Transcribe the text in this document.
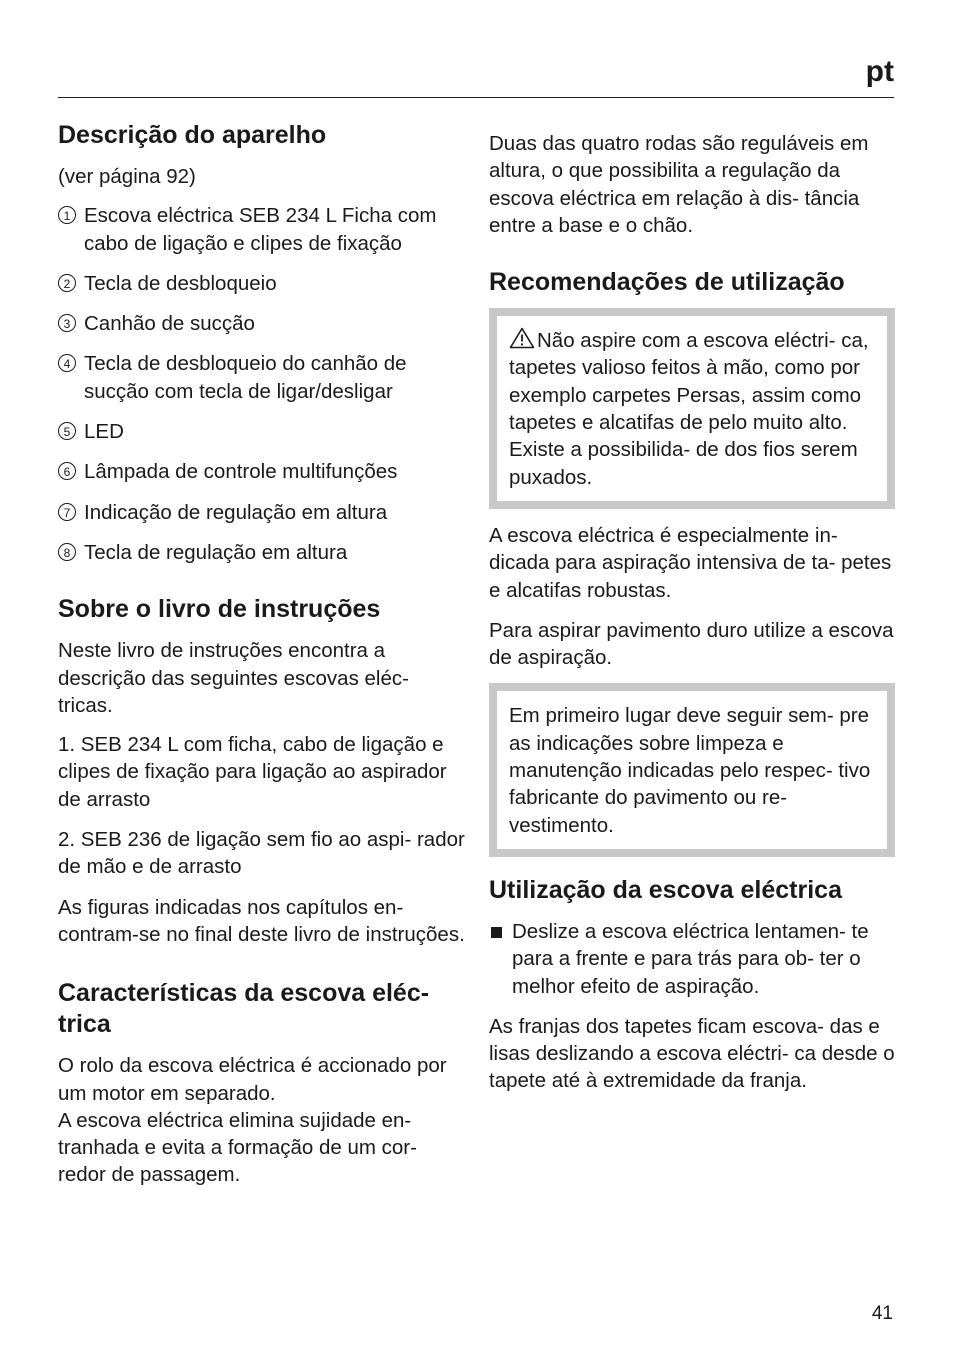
pt
Descrição do aparelho

(ver página 92)

1 Escova eléctrica SEB 234 L Ficha com cabo de ligação e clipes de fixação
2 Tecla de desbloqueio
3 Canhão de sucção
4 Tecla de desbloqueio do canhão de sucção com tecla de ligar/desligar
5 LED
6 Lâmpada de controle multifunções
7 Indicação de regulação em altura
8 Tecla de regulação em altura
Sobre o livro de instruções

Neste livro de instruções encontra a descrição das seguintes escovas eléc- tricas.

1. SEB 234 L com ficha, cabo de ligação e clipes de fixação para ligação ao aspirador de arrasto

2. SEB 236 de ligação sem fio ao aspi- rador de mão e de arrasto

As figuras indicadas nos capítulos en- contram-se no final deste livro de instruções.

Características da escova eléc-
trica

O rolo da escova eléctrica é accionado por um motor em separado.

A escova eléctrica elimina sujidade en- tranhada e evita a formação de um cor- redor de passagem.

Duas das quatro rodas são reguláveis em altura, o que possibilita a regulação da escova eléctrica em relação à dis- tância entre a base e o chão.

Recomendações de utilização

Não aspire com a escova eléctri- ca, tapetes valioso feitos à mão, como por exemplo carpetes Persas, assim como tapetes e alcatifas de pelo muito alto. Existe a possibilida- de dos fios serem puxados.

A escova eléctrica é especialmente in- dicada para aspiração intensiva de ta- petes e alcatifas robustas.

Para aspirar pavimento duro utilize a escova de aspiração.

Em primeiro lugar deve seguir sem- pre as indicações sobre limpeza e manutenção indicadas pelo respec- tivo fabricante do pavimento ou re- vestimento.

Utilização da escova eléctrica
Deslize a escova eléctrica lentamen- te para a frente e para trás para ob- ter o melhor efeito de aspiração.

As franjas dos tapetes ficam escova- das e lisas deslizando a escova eléctri- ca desde o tapete até à extremidade da franja.

41
